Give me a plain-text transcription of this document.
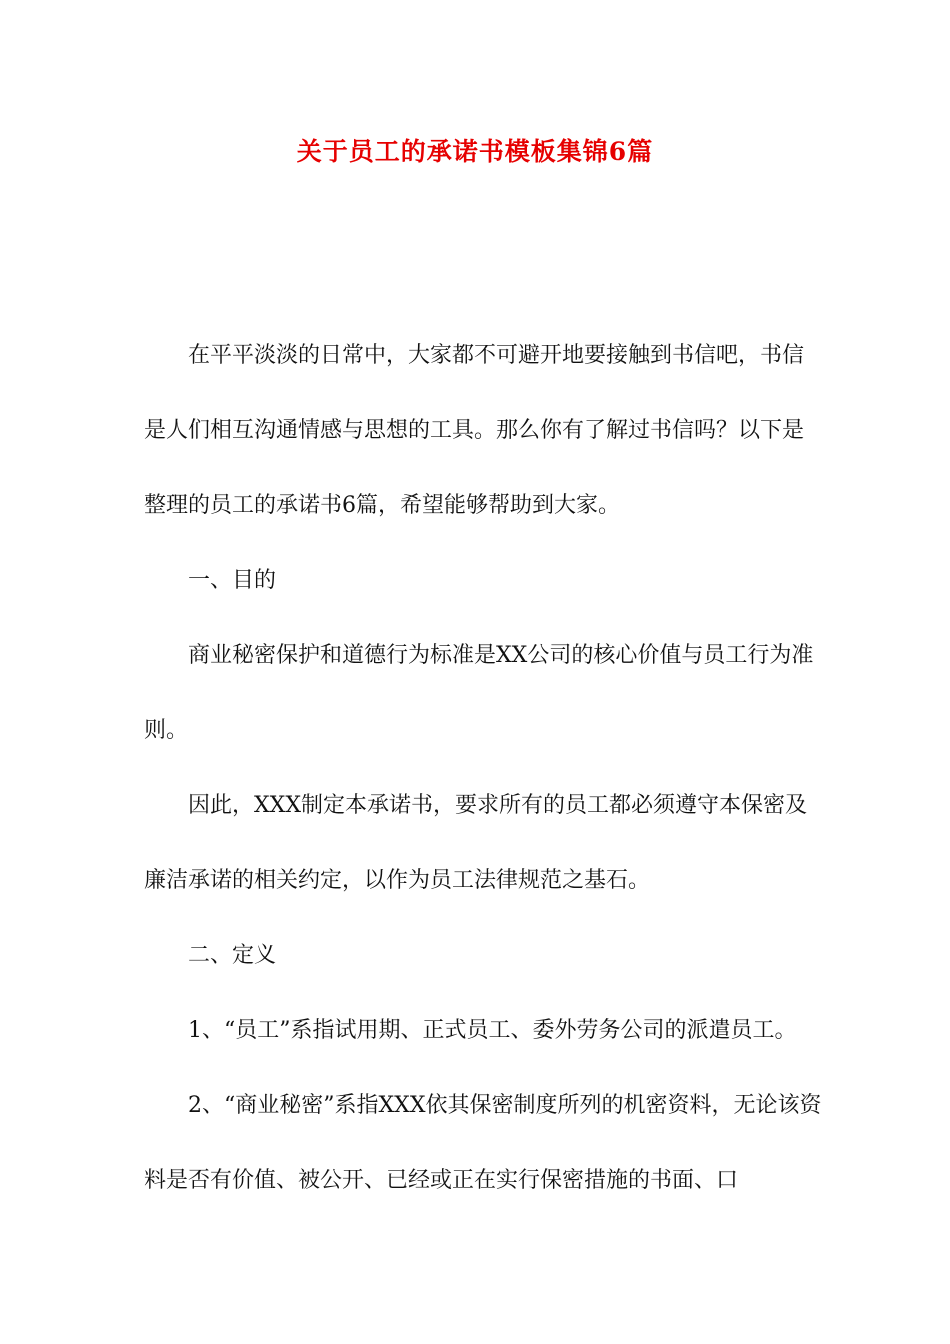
关于员工的承诺书模板集锦6篇

在平平淡淡的日常中，大家都不可避开地要接触到书信吧，书信是人们相互沟通情感与思想的工具。那么你有了解过书信吗？以下是整理的员工的承诺书6篇，希望能够帮助到大家。

一、目的

商业秘密保护和道德行为标准是XX公司的核心价值与员工行为准则。

因此，XXX制定本承诺书，要求所有的员工都必须遵守本保密及廉洁承诺的相关约定，以作为员工法律规范之基石。

二、定义

1、“员工”系指试用期、正式员工、委外劳务公司的派遣员工。

2、“商业秘密”系指XXX依其保密制度所列的机密资料，无论该资料是否有价值、被公开、已经或正在实行保密措施的书面、口
